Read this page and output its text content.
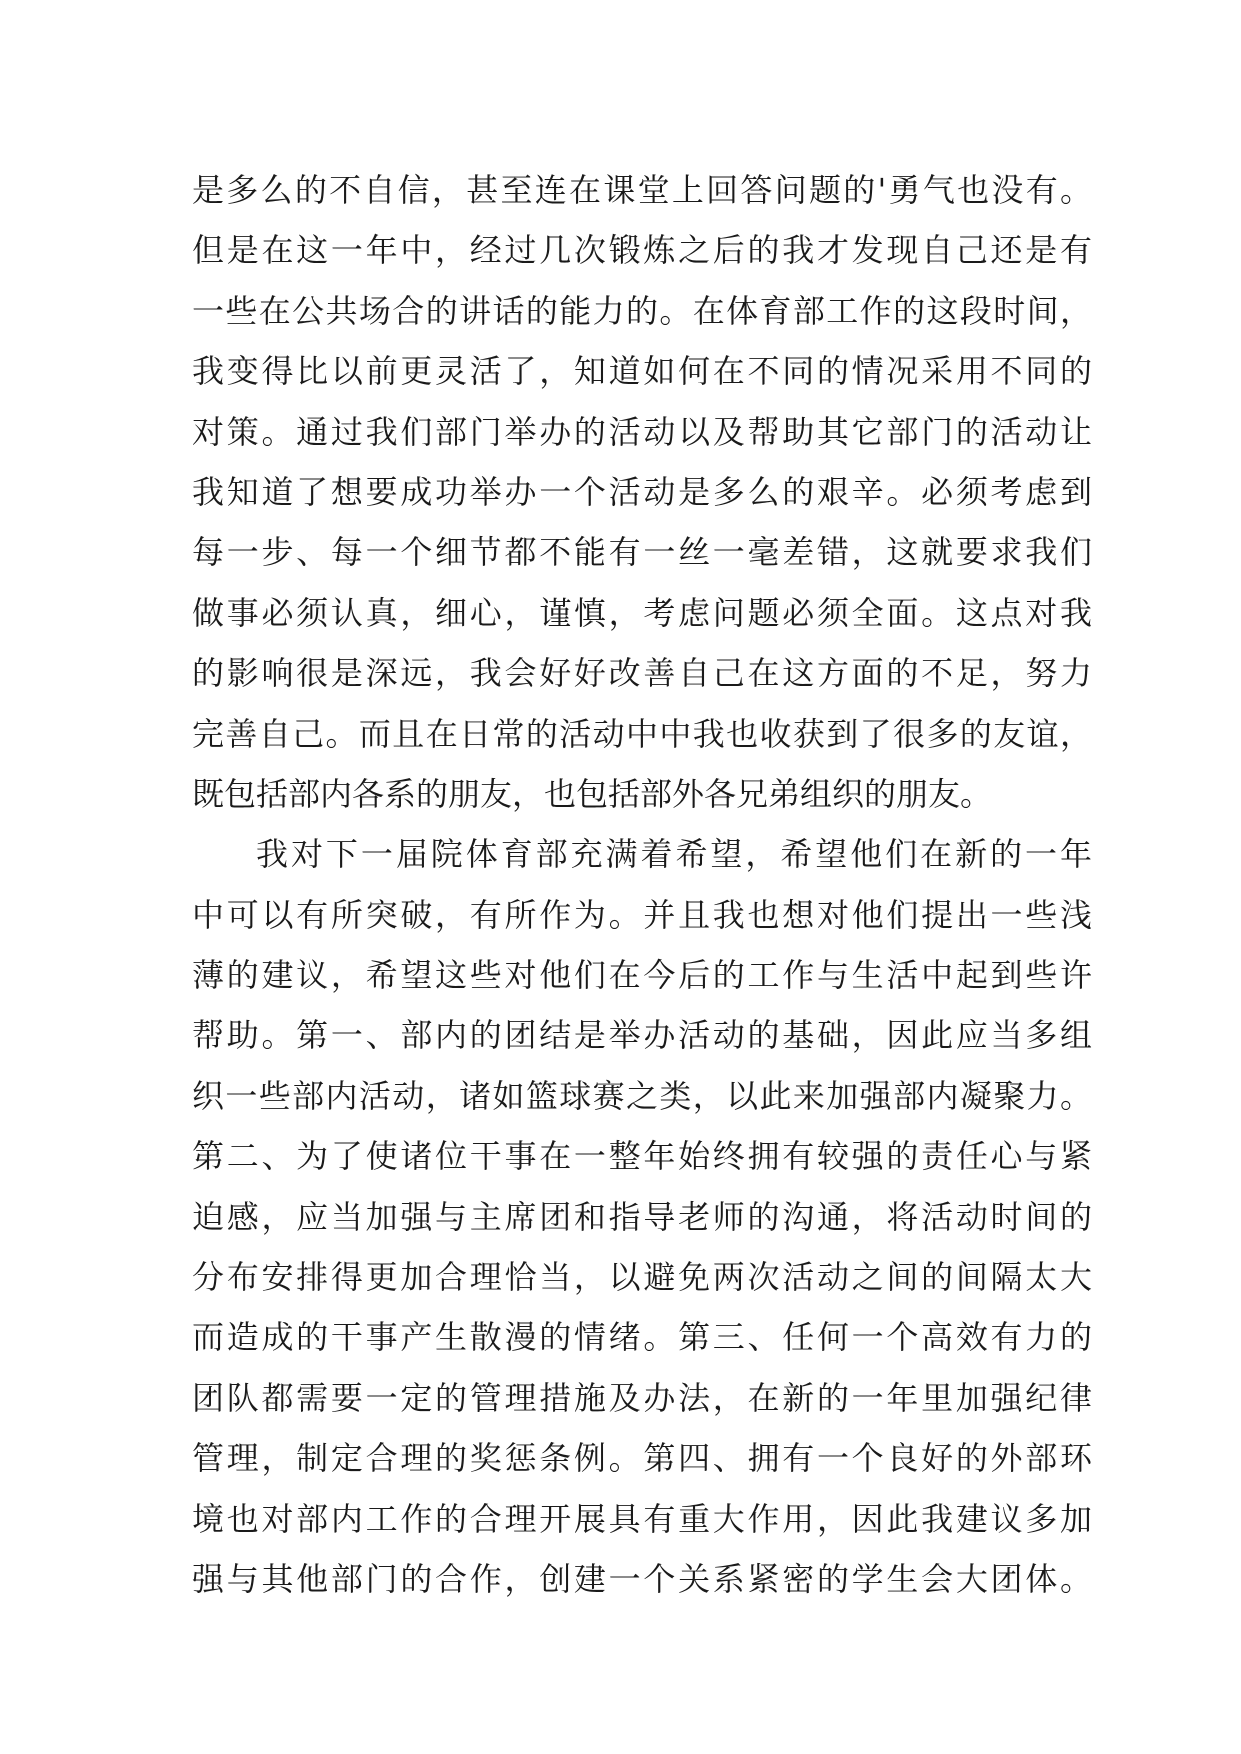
是多么的不自信，甚至连在课堂上回答问题的'勇气也没有。
但是在这一年中，经过几次锻炼之后的我才发现自己还是有
一些在公共场合的讲话的能力的。在体育部工作的这段时间，
我变得比以前更灵活了，知道如何在不同的情况采用不同的
对策。通过我们部门举办的活动以及帮助其它部门的活动让
我知道了想要成功举办一个活动是多么的艰辛。必须考虑到
每一步、每一个细节都不能有一丝一毫差错，这就要求我们
做事必须认真，细心，谨慎，考虑问题必须全面。这点对我
的影响很是深远，我会好好改善自己在这方面的不足，努力
完善自己。而且在日常的活动中中我也收获到了很多的友谊，
既包括部内各系的朋友，也包括部外各兄弟组织的朋友。
我对下一届院体育部充满着希望，希望他们在新的一年
中可以有所突破，有所作为。并且我也想对他们提出一些浅
薄的建议，希望这些对他们在今后的工作与生活中起到些许
帮助。第一、部内的团结是举办活动的基础，因此应当多组
织一些部内活动，诸如篮球赛之类，以此来加强部内凝聚力。
第二、为了使诸位干事在一整年始终拥有较强的责任心与紧
迫感，应当加强与主席团和指导老师的沟通，将活动时间的
分布安排得更加合理恰当，以避免两次活动之间的间隔太大
而造成的干事产生散漫的情绪。第三、任何一个高效有力的
团队都需要一定的管理措施及办法，在新的一年里加强纪律
管理，制定合理的奖惩条例。第四、拥有一个良好的外部环
境也对部内工作的合理开展具有重大作用，因此我建议多加
强与其他部门的合作，创建一个关系紧密的学生会大团体。
